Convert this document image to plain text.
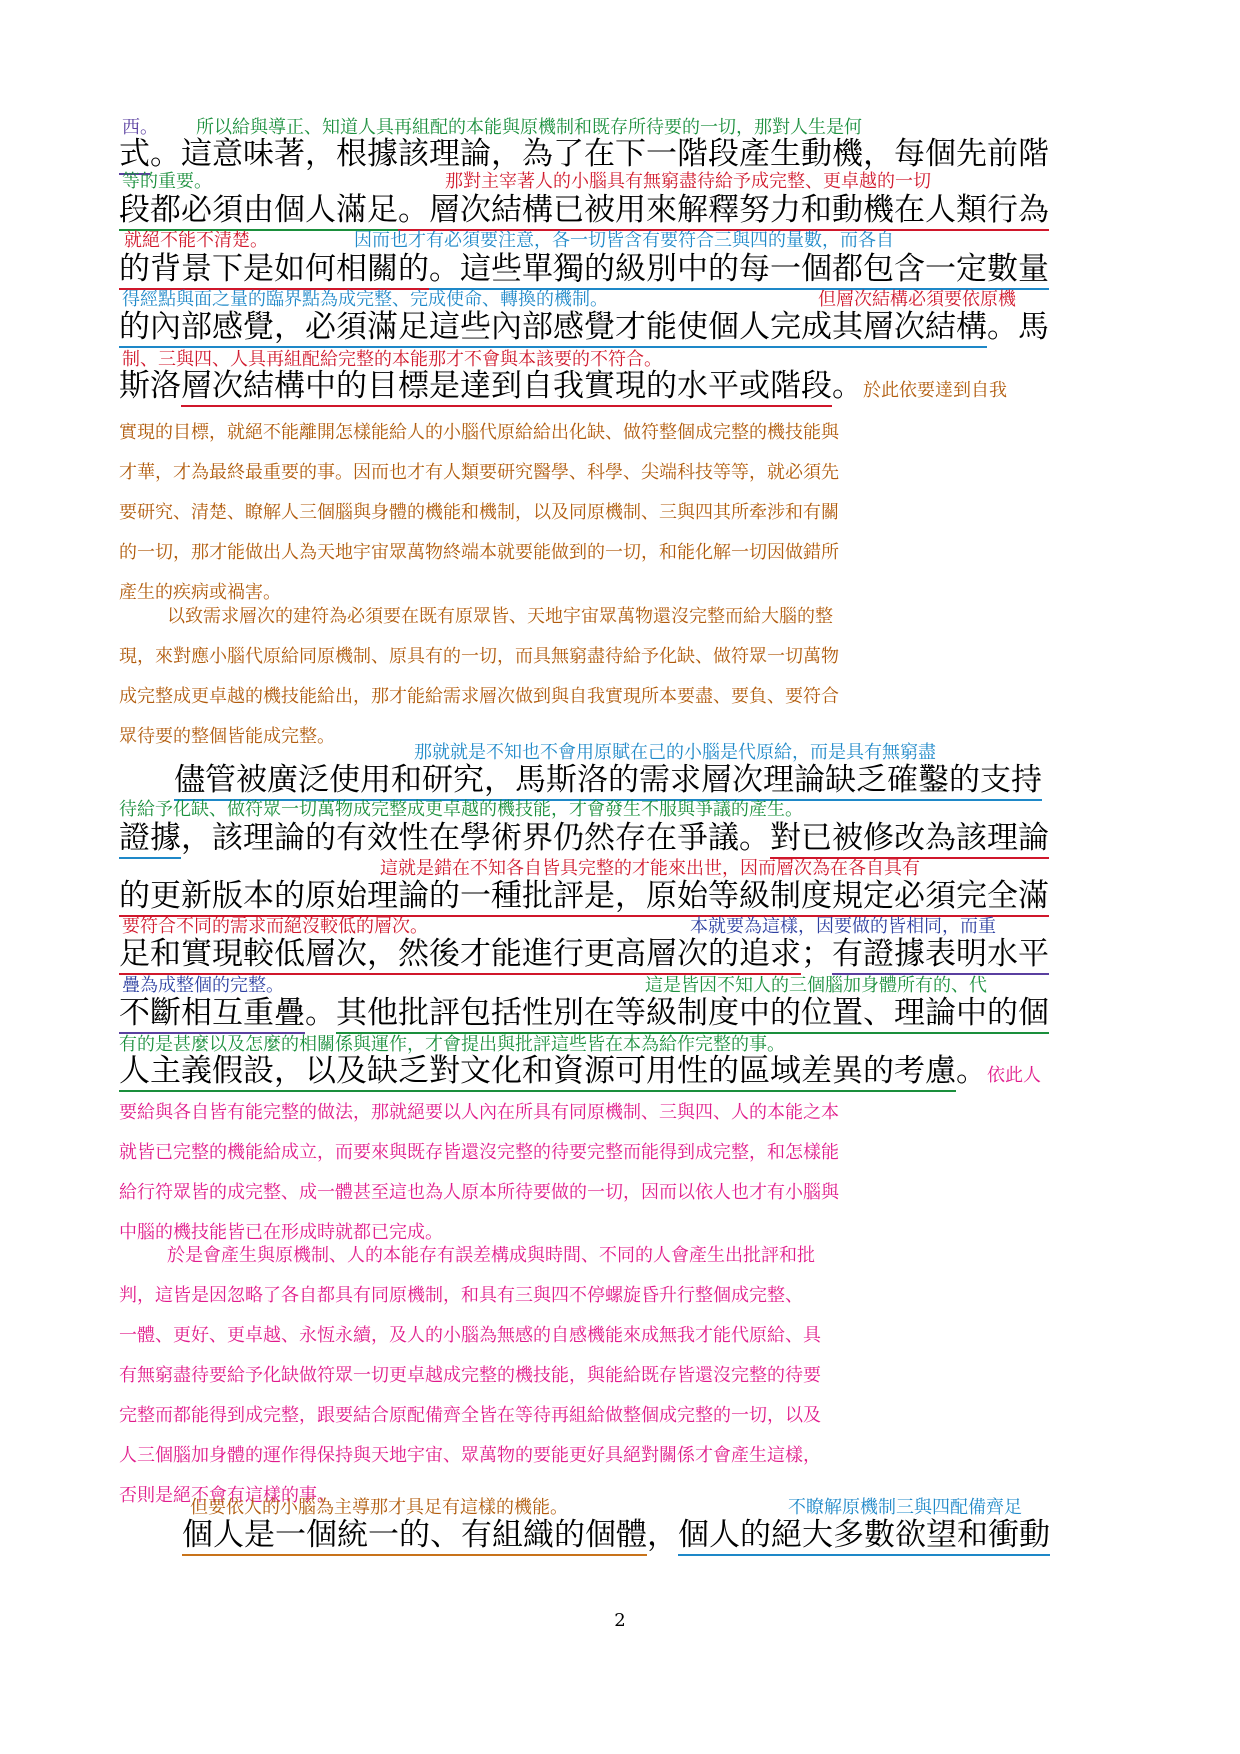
西。 所以給與導正、知道人具再組配的本能與原機制和既存所待要的一切，那對人生是何
式。這意味著，根據該理論，為了在下一階段產生動機，每個先前階
等的重要。	那對主宰著人的小腦具有無窮盡待給予成完整、更卓越的一切
段都必須由個人滿足。層次結構已被用來解釋努力和動機在人類行為
就絕不能不清楚。	因而也才有必須要注意，各一切皆含有要符合三與四的量數，而各自
的背景下是如何相關的。這些單獨的級別中的每一個都包含一定數量
得經點與面之量的臨界點為成完整、完成使命、轉換的機制。	但層次結構必須要依原機
的內部感覺，必須滿足這些內部感覺才能使個人完成其層次結構。馬
制、三與四、人具再組配給完整的本能那才不會與本該要的不符合。
斯洛層次結構中的目標是達到自我實現的水平或階段。於此依要達到自我
實現的目標，就絕不能離開怎樣能給人的小腦代原給給出化缺、做符整個成完整的機技能與
才華，才為最終最重要的事。因而也才有人類要研究醫學、科學、尖端科技等等，就必須先
要研究、清楚、瞭解人三個腦與身體的機能和機制，以及同原機制、三與四其所牽涉和有關
的一切，那才能做出人為天地宇宙眾萬物終端本就要能做到的一切，和能化解一切因做錯所
產生的疾病或禍害。
以致需求層次的建符為必須要在既有原眾皆、天地宇宙眾萬物還沒完整而給大腦的整
現，來對應小腦代原給同原機制、原具有的一切，而具無窮盡待給予化缺、做符眾一切萬物
成完整成更卓越的機技能給出，那才能給需求層次做到與自我實現所本要盡、要負、要符合
眾待要的整個皆能成完整。
那就就是不知也不會用原賦在己的小腦是代原給，而是具有無窮盡
儘管被廣泛使用和研究，馬斯洛的需求層次理論缺乏確鑿的支持
待給予化缺、做符眾一切萬物成完整成更卓越的機技能，才會發生不服與爭議的產生。
證據，該理論的有效性在學術界仍然存在爭議。對已被修改為該理論
這就是錯在不知各自皆具完整的才能來出世，因而層次為在各自具有
的更新版本的原始理論的一種批評是，原始等級制度規定必須完全滿
要符合不同的需求而絕沒較低的層次。	本就要為這樣，因要做的皆相同，而重
足和實現較低層次，然後才能進行更高層次的追求；有證據表明水平
疊為成整個的完整。	這是皆因不知人的三個腦加身體所有的、代
不斷相互重疊。其他批評包括性別在等級制度中的位置、理論中的個
有的是甚麼以及怎麼的相關係與運作，才會提出與批評這些皆在本為給作完整的事。
人主義假設，以及缺乏對文化和資源可用性的區域差異的考慮。依此人
要給與各自皆有能完整的做法，那就絕要以人內在所具有同原機制、三與四、人的本能之本
就皆已完整的機能給成立，而要來與既存皆還沒完整的待要完整而能得到成完整，和怎樣能
給行符眾皆的成完整、成一體甚至這也為人原本所待要做的一切，因而以依人也才有小腦與
中腦的機技能皆已在形成時就都已完成。
於是會產生與原機制、人的本能存有誤差構成與時間、不同的人會產生出批評和批
判，這皆是因忽略了各自都具有同原機制，和具有三與四不停螺旋昏升行整個成完整、
一體、更好、更卓越、永恆永續，及人的小腦為無感的自感機能來成無我才能代原給、具
有無窮盡待要給予化缺做符眾一切更卓越成完整的機技能，與能給既存皆還沒完整的待要
完整而都能得到成完整，跟要結合原配備齊全皆在等待再組給做整個成完整的一切，以及
人三個腦加身體的運作得保持與天地宇宙、眾萬物的要能更好具絕對關係才會產生這樣，
否則是絕不會有這樣的事。
但要依人的小腦為主導那才具足有這樣的機能。	不瞭解原機制三與四配備齊足
個人是一個統一的、有組織的個體，個人的絕大多數欲望和衝動
2
